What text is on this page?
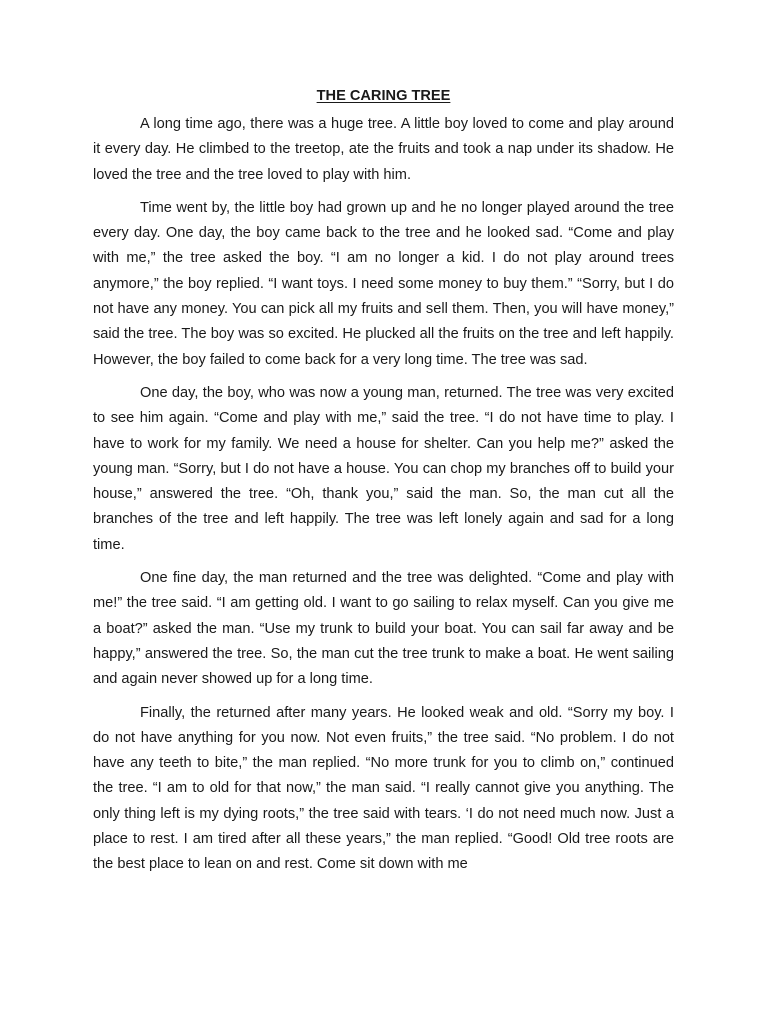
THE CARING TREE

A long time ago, there was a huge tree. A little boy loved to come and play around it every day. He climbed to the treetop, ate the fruits and took a nap under its shadow. He loved the tree and the tree loved to play with him.

Time went by, the little boy had grown up and he no longer played around the tree every day. One day, the boy came back to the tree and he looked sad. “Come and play with me,” the tree asked the boy. “I am no longer a kid. I do not play around trees anymore,” the boy replied. “I want toys. I need some money to buy them.” “Sorry, but I do not have any money. You can pick all my fruits and sell them. Then, you will have money,” said the tree. The boy was so excited. He plucked all the fruits on the tree and left happily. However, the boy failed to come back for a very long time. The tree was sad.

One day, the boy, who was now a young man, returned. The tree was very excited to see him again. “Come and play with me,” said the tree. “I do not have time to play. I have to work for my family. We need a house for shelter. Can you help me?” asked the young man. “Sorry, but I do not have a house. You can chop my branches off to build your house,” answered the tree. “Oh, thank you,” said the man. So, the man cut all the branches of the tree and left happily. The tree was left lonely again and sad for a long time.

One fine day, the man returned and the tree was delighted. “Come and play with me!” the tree said. “I am getting old. I want to go sailing to relax myself. Can you give me a boat?” asked the man. “Use my trunk to build your boat. You can sail far away and be happy,” answered the tree. So, the man cut the tree trunk to make a boat. He went sailing and again never showed up for a long time.

Finally, the returned after many years. He looked weak and old. “Sorry my boy. I do not have anything for you now. Not even fruits,” the tree said. “No problem. I do not have any teeth to bite,” the man replied. “No more trunk for you to climb on,” continued the tree. “I am to old for that now,” the man said. “I really cannot give you anything. The only thing left is my dying roots,” the tree said with tears. ‘I do not need much now. Just a place to rest. I am tired after all these years,” the man replied. “Good! Old tree roots are the best place to lean on and rest. Come sit down with me
